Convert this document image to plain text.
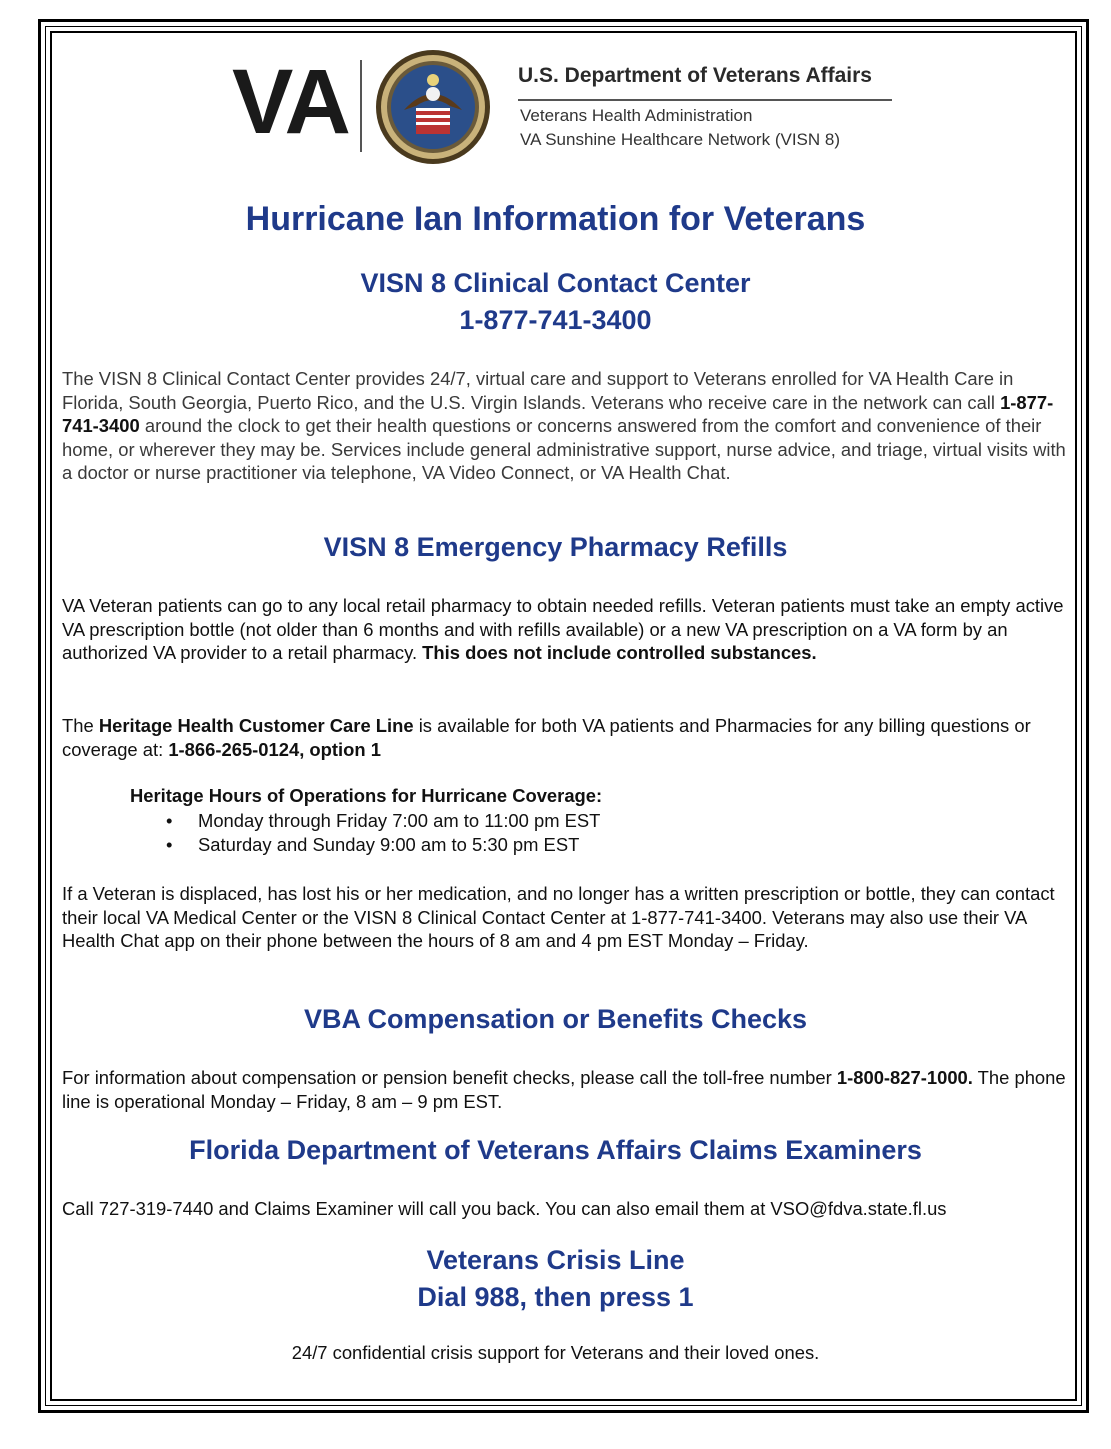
VA	U.S. Department of Veterans Affairs
Veterans Health Administration
VA Sunshine Healthcare Network (VISN 8)
Hurricane Ian Information for Veterans
VISN 8 Clinical Contact Center
1-877-741-3400
The VISN 8 Clinical Contact Center provides 24/7, virtual care and support to Veterans enrolled for VA Health Care in Florida, South Georgia, Puerto Rico, and the U.S. Virgin Islands. Veterans who receive care in the network can call 1-877-741-3400 around the clock to get their health questions or concerns answered from the comfort and convenience of their home, or wherever they may be. Services include general administrative support, nurse advice, and triage, virtual visits with a doctor or nurse practitioner via telephone, VA Video Connect, or VA Health Chat.
VISN 8 Emergency Pharmacy Refills
VA Veteran patients can go to any local retail pharmacy to obtain needed refills. Veteran patients must take an empty active VA prescription bottle (not older than 6 months and with refills available) or a new VA prescription on a VA form by an authorized VA provider to a retail pharmacy. This does not include controlled substances.
The Heritage Health Customer Care Line is available for both VA patients and Pharmacies for any billing questions or coverage at: 1-866-265-0124, option 1
Heritage Hours of Operations for Hurricane Coverage:
• Monday through Friday 7:00 am to 11:00 pm EST
• Saturday and Sunday 9:00 am to 5:30 pm EST
If a Veteran is displaced, has lost his or her medication, and no longer has a written prescription or bottle, they can contact their local VA Medical Center or the VISN 8 Clinical Contact Center at 1-877-741-3400. Veterans may also use their VA Health Chat app on their phone between the hours of 8 am and 4 pm EST Monday – Friday.
VBA Compensation or Benefits Checks
For information about compensation or pension benefit checks, please call the toll-free number 1-800-827-1000. The phone line is operational Monday – Friday, 8 am – 9 pm EST.
Florida Department of Veterans Affairs Claims Examiners
Call 727-319-7440 and Claims Examiner will call you back. You can also email them at VSO@fdva.state.fl.us
Veterans Crisis Line
Dial 988, then press 1
24/7 confidential crisis support for Veterans and their loved ones.
